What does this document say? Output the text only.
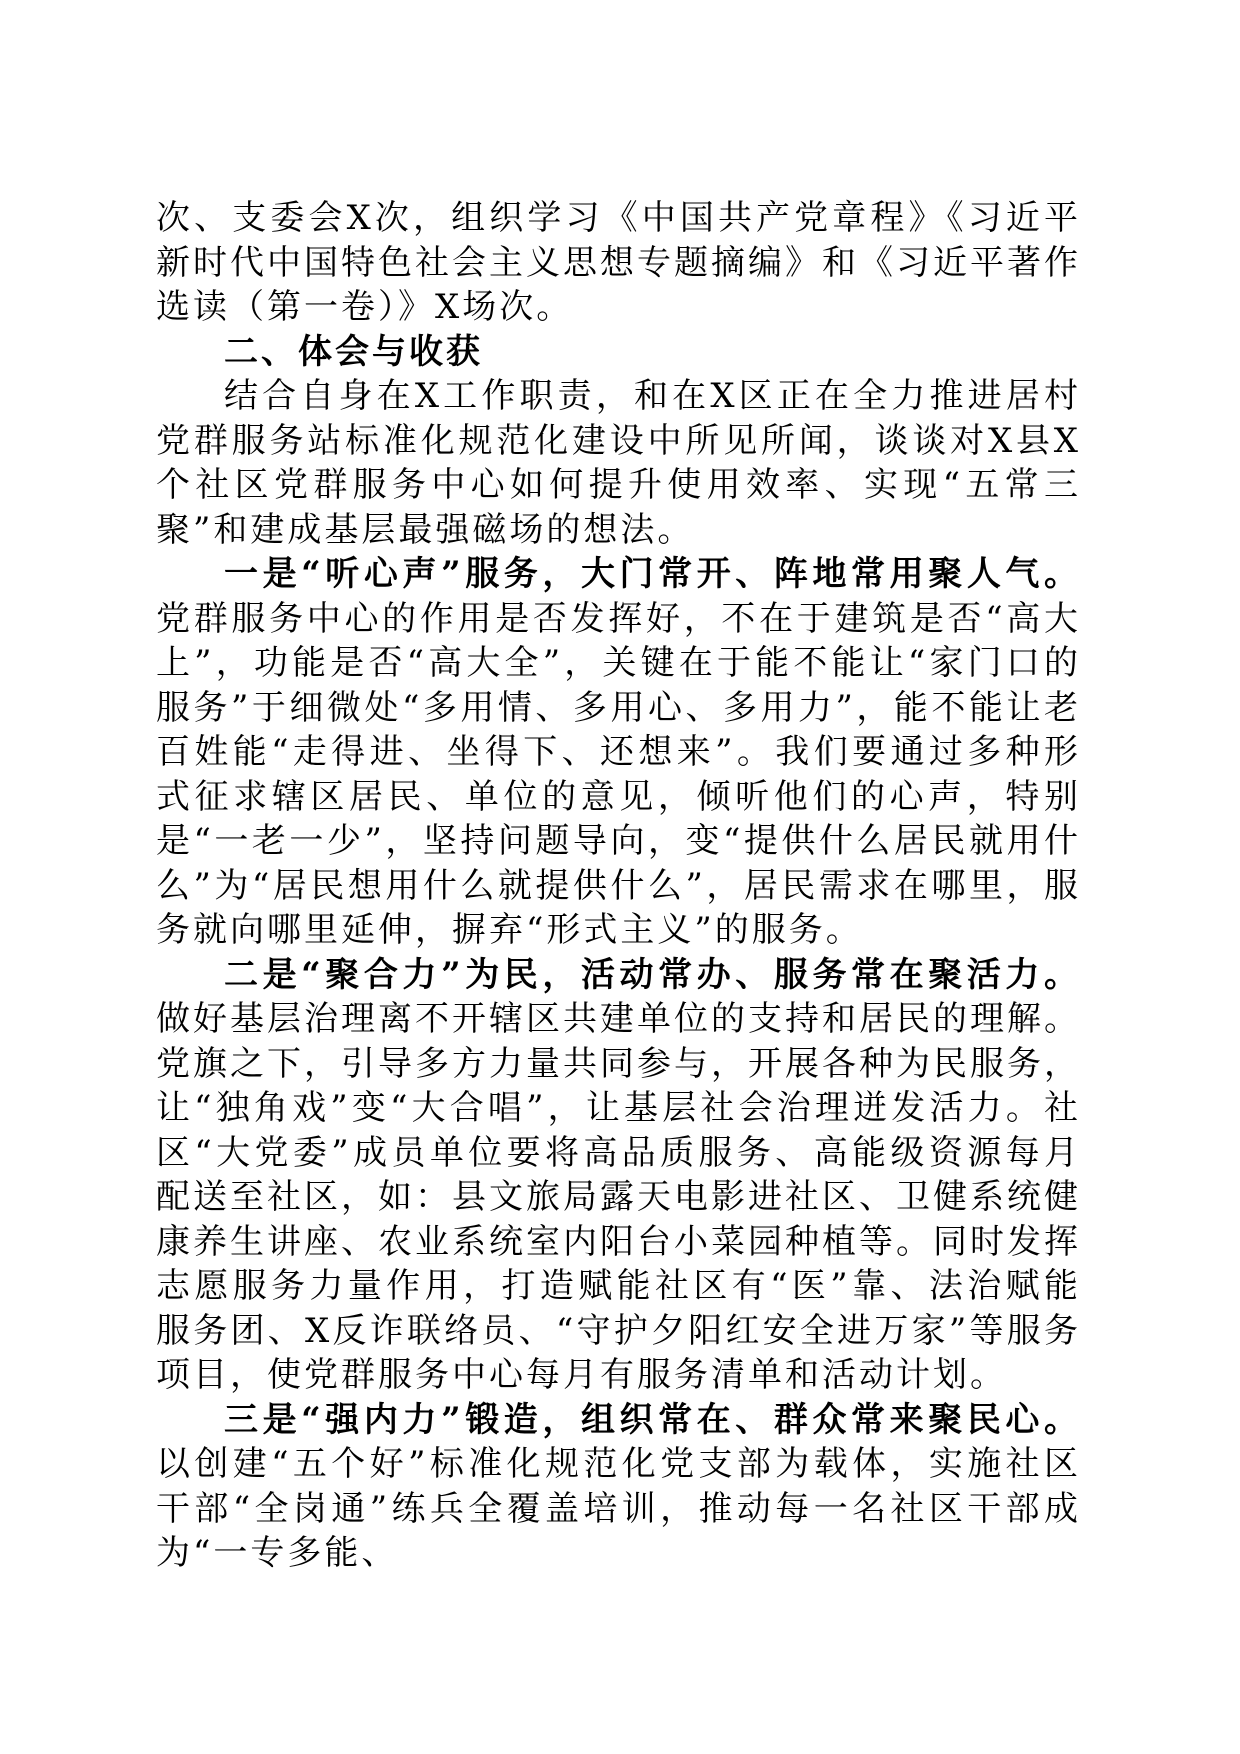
次、支委会X次，组织学习《中国共产党章程》《习近平新时代中国特色社会主义思想专题摘编》和《习近平著作选读（第一卷）》X场次。

二、体会与收获

结合自身在X工作职责，和在X区正在全力推进居村党群服务站标准化规范化建设中所见所闻，谈谈对X县X个社区党群服务中心如何提升使用效率、实现“五常三聚”和建成基层最强磁场的想法。

一是“听心声”服务，大门常开、阵地常用聚人气。党群服务中心的作用是否发挥好，不在于建筑是否“高大上”，功能是否“高大全”，关键在于能不能让“家门口的服务”于细微处“多用情、多用心、多用力”，能不能让老百姓能“走得进、坐得下、还想来”。我们要通过多种形式征求辖区居民、单位的意见，倾听他们的心声，特别是“一老一少”，坚持问题导向，变“提供什么居民就用什么”为“居民想用什么就提供什么”，居民需求在哪里，服务就向哪里延伸，摒弃“形式主义”的服务。

二是“聚合力”为民，活动常办、服务常在聚活力。做好基层治理离不开辖区共建单位的支持和居民的理解。党旗之下，引导多方力量共同参与，开展各种为民服务，让“独角戏”变“大合唱”，让基层社会治理迸发活力。社区“大党委”成员单位要将高品质服务、高能级资源每月配送至社区，如：县文旅局露天电影进社区、卫健系统健康养生讲座、农业系统室内阳台小菜园种植等。同时发挥志愿服务力量作用，打造赋能社区有“医”靠、法治赋能服务团、X反诈联络员、“守护夕阳红安全进万家”等服务项目，使党群服务中心每月有服务清单和活动计划。

三是“强内力”锻造，组织常在、群众常来聚民心。以创建“五个好”标准化规范化党支部为载体，实施社区干部“全岗通”练兵全覆盖培训，推动每一名社区干部成为“一专多能、
